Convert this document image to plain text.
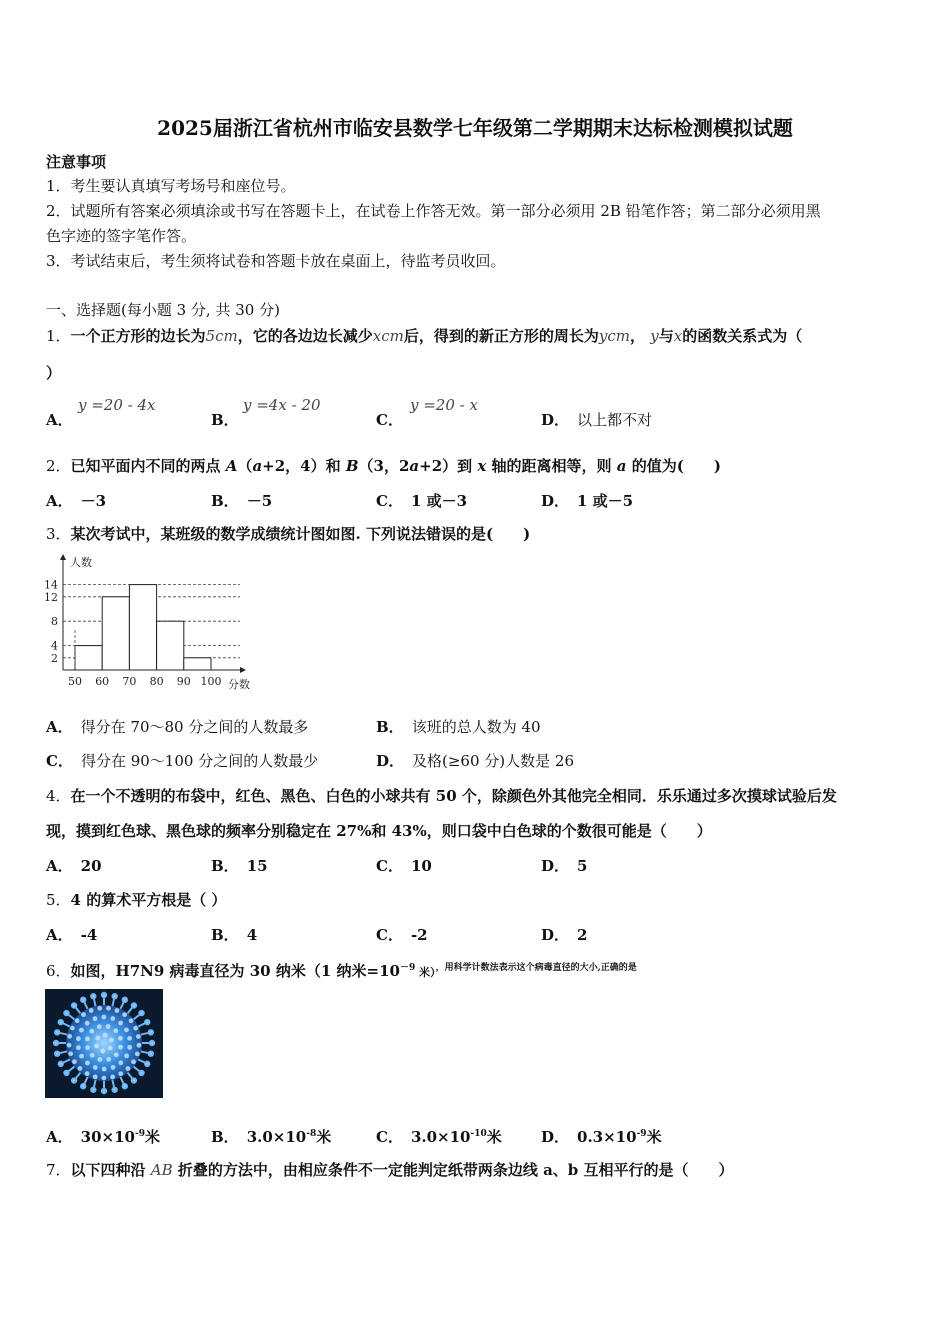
2025届浙江省杭州市临安县数学七年级第二学期期末达标检测模拟试题
注意事项
1．考生要认真填写考场号和座位号。
2．试题所有答案必须填涂或书写在答题卡上，在试卷上作答无效。第一部分必须用 2B 铅笔作答；第二部分必须用黑
色字迹的签字笔作答。
3．考试结束后，考生须将试卷和答题卡放在桌面上，待监考员收回。
一、选择题(每小题 3 分, 共 30 分)
1．一个正方形的边长为5cm，它的各边边长减少xcm后，得到的新正方形的周长为ycm， y与x的函数关系式为（
）
A．
y =20 - 4x
B．
y =4x - 20
C．
y =20 - x
D． 以上都不对
2．已知平面内不同的两点 A（a+2，4）和 B（3，2a+2）到 x 轴的距离相等，则 a 的值为(　　)
A． －3	B． －5	C． 1 或－3	D． 1 或－5
3．某次考试中，某班级的数学成绩统计图如图. 下列说法错误的是(　　)
2
4
8
12
14
50 60 70 80 90 100
人数
分数
A． 得分在 70～80 分之间的人数最多	B． 该班的总人数为 40
C． 得分在 90～100 分之间的人数最少	D． 及格(≥60 分)人数是 26
4．在一个不透明的布袋中，红色、黑色、白色的小球共有 50 个，除颜色外其他完全相同．乐乐通过多次摸球试验后发
现，摸到红色球、黑色球的频率分别稳定在 27%和 43%，则口袋中白色球的个数很可能是（　　）
A． 20	B． 15	C． 10	D． 5
5．4 的算术平方根是（ ）
A． -4	B． 4	C． -2	D． 2
6．如图，H7N9 病毒直径为 30 纳米（1 纳米$=10^{-9}$ 米）$^{,用科学计数法表示这个病毒直径的大小,正确的是}$
A． $30\times 10^{-9}$米	B． $3.0\times 10^{-8}$米	C． $3.0\times 10^{-10}$米	D． $0.3\times 10^{-9}$米
7．以下四种沿 AB 折叠的方法中，由相应条件不一定能判定纸带两条边线 a、b 互相平行的是（　　）
